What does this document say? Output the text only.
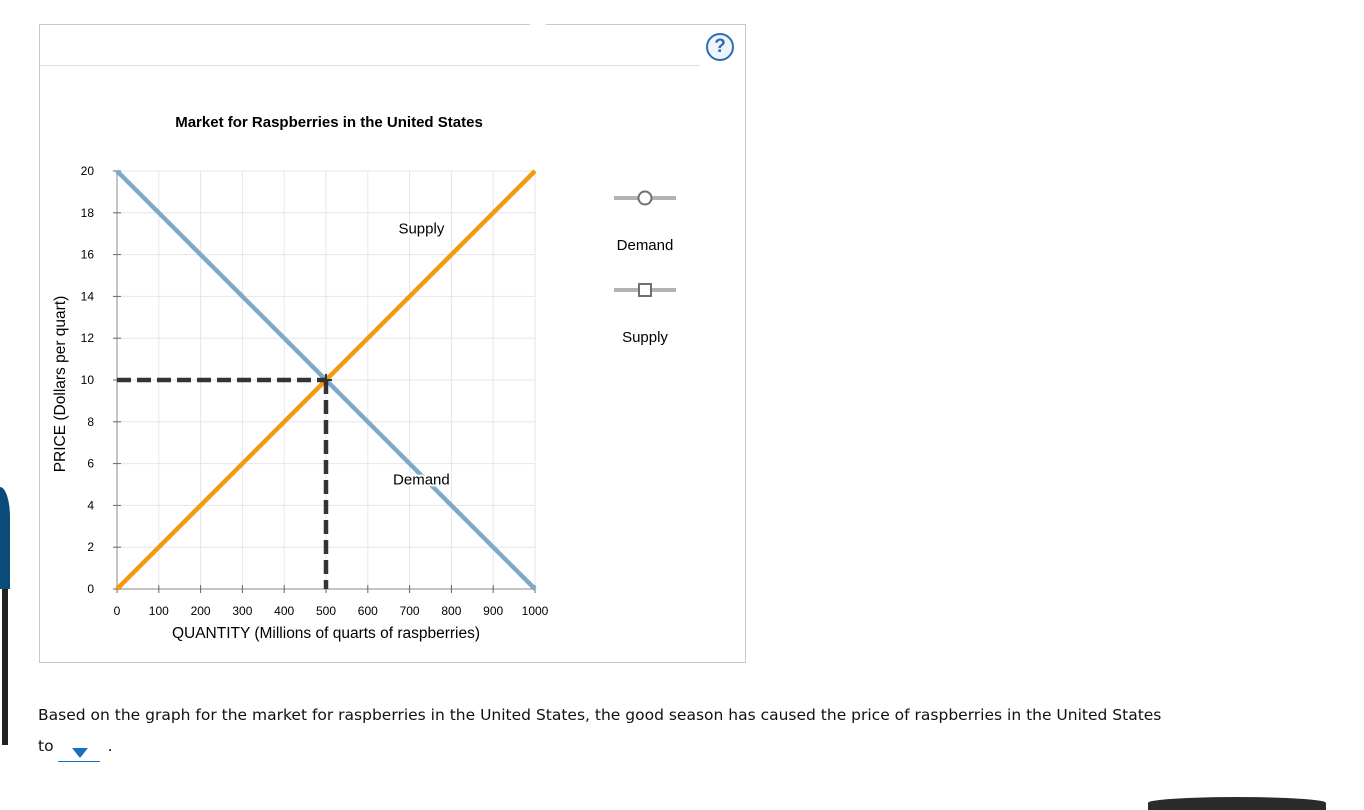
?
0 100 200 300 400 500 600 700 800 900 1000
0
2
4
6
8
10
12
14
16
18
20
Demand
Supply
Market for Raspberries in the United States
QUANTITY (Millions of quarts of raspberries)
PRICE (Dollars per quart)
Demand
Supply
Based on the graph for the market for raspberries in the United States, the good season has caused the price of raspberries in the United States
to	.
